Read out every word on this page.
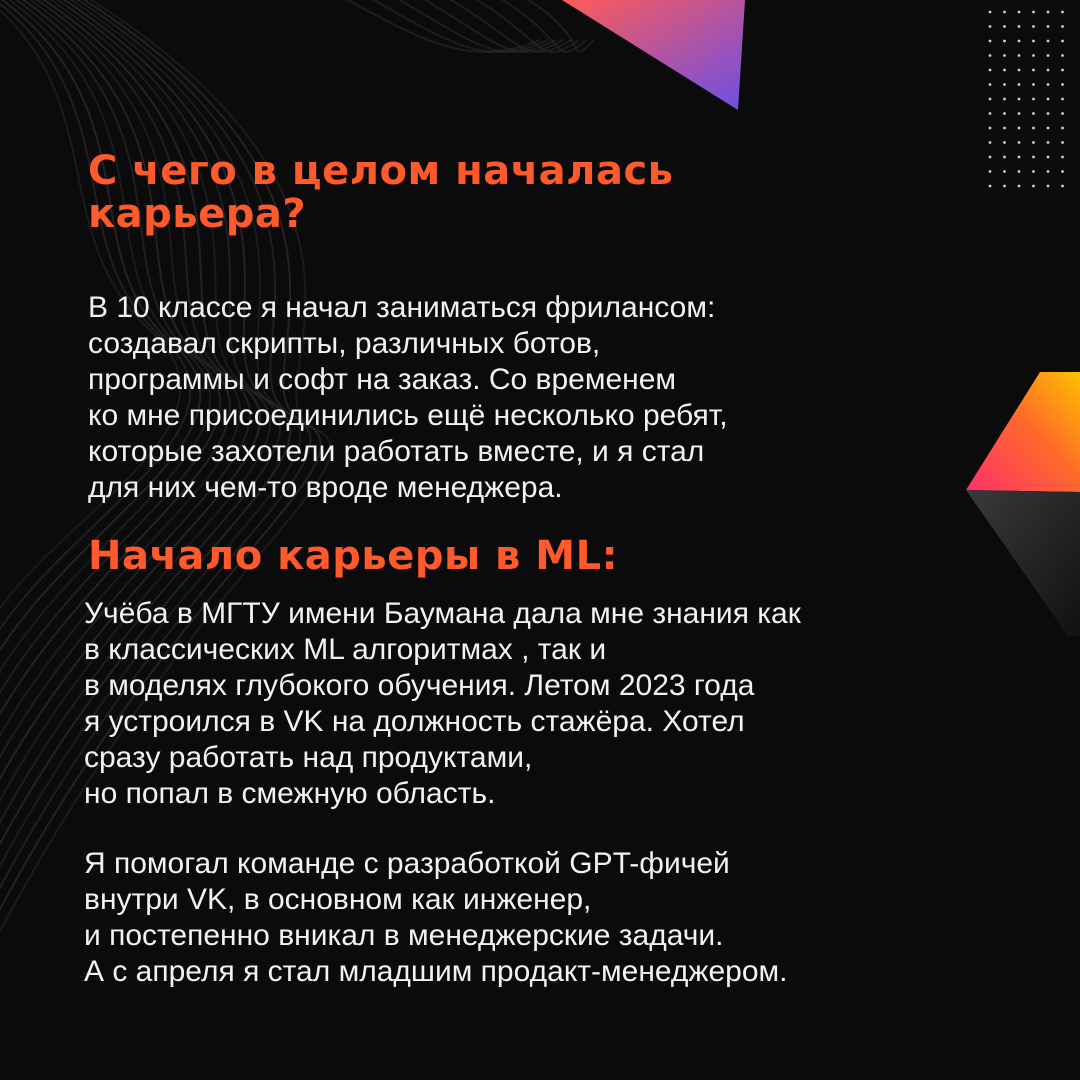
С чего в целом началась
карьера?

В 10 классе я начал заниматься фрилансом:
создавал скрипты, различных ботов,
программы и софт на заказ. Со временем
ко мне присоединились ещё несколько ребят,
которые захотели работать вместе, и я стал
для них чем-то вроде менеджера.

Начало карьеры в ML:

Учёба в МГТУ имени Баумана дала мне знания как
в классических ML алгоритмах , так и
в моделях глубокого обучения. Летом 2023 года
я устроился в VK на должность стажёра. Хотел
сразу работать над продуктами,
но попал в смежную область.

Я помогал команде с разработкой GPT-фичей
внутри VK, в основном как инженер,
и постепенно вникал в менеджерские задачи.
А с апреля я стал младшим продакт-менеджером.
